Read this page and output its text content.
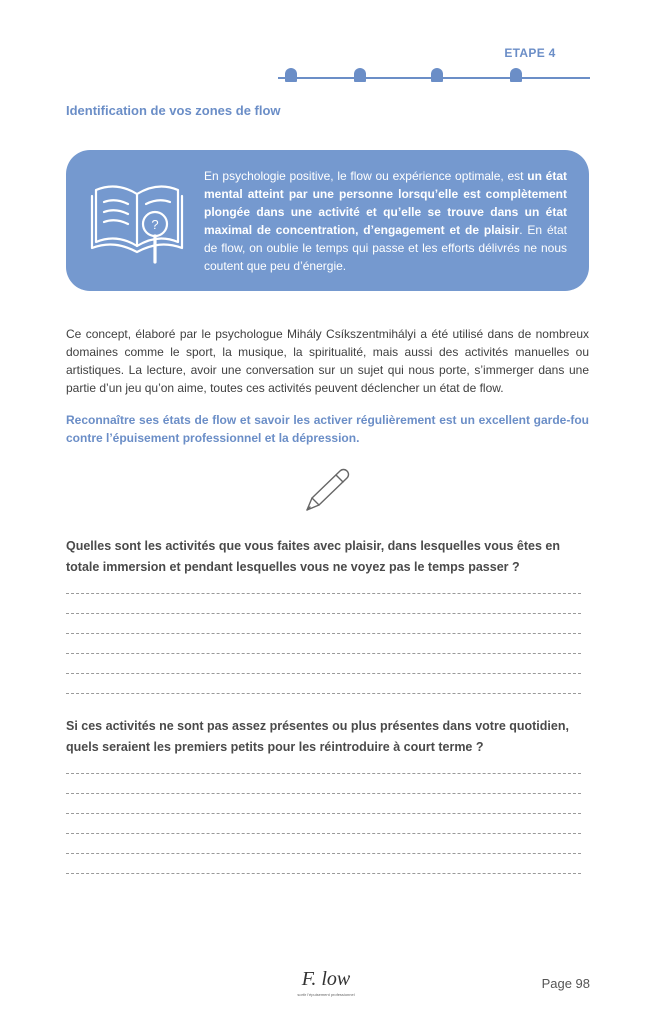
ETAPE 4
Identification de vos zones de flow
?
En psychologie positive, le flow ou expérience optimale, est un état mental atteint par une personne lorsqu’elle est complètement plongée dans une activité et qu’elle se trouve dans un état maximal de concentration, d’engagement et de plaisir. En état de flow, on oublie le temps qui passe et les efforts délivrés ne nous coutent que peu d’énergie.
Ce concept, élaboré par le psychologue Mihály Csíkszentmihályi a été utilisé dans de nombreux domaines comme le sport, la musique, la spiritualité, mais aussi des activités manuelles ou artistiques. La lecture, avoir une conversation sur un sujet qui nous porte, s’immerger dans une partie d’un jeu qu’on aime, toutes ces activités peuvent déclencher un état de flow.
Reconnaître ses états de flow et savoir les activer régulièrement est un excellent garde-fou contre l’épuisement professionnel et la dépression.
Quelles sont les activités que vous faites avec plaisir, dans lesquelles vous êtes en totale immersion et pendant lesquelles vous ne voyez pas le temps passer ?
Si ces activités ne sont pas assez présentes ou plus présentes dans votre quotidien, quels seraient les premiers petits pour les réintroduire à court terme ?
F. low
sortir l'épuisement professionnel
Page 98
